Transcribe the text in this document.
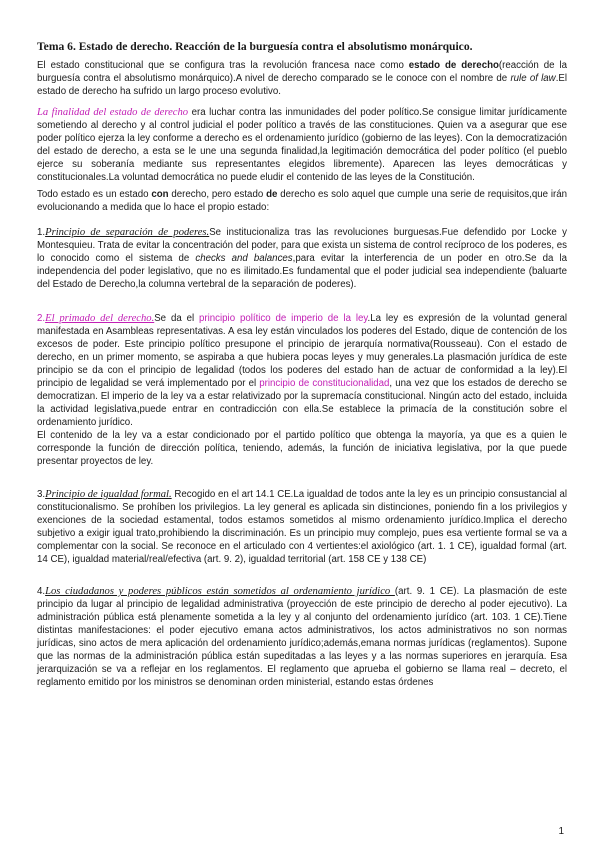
Tema 6. Estado de derecho. Reacción de la burguesía contra el absolutismo monárquico.

El estado constitucional que se configura tras la revolución francesa nace como estado de derecho(reacción de la burguesía contra el absolutismo monárquico).A nivel de derecho comparado se le conoce con el nombre de rule of law.El estado de derecho ha sufrido un largo proceso evolutivo.

La finalidad del estado de derecho era luchar contra las inmunidades del poder político.Se consigue limitar jurídicamente sometiendo al derecho y al control judicial el poder político a través de las constituciones. Quien va a asegurar que ese poder político ejerza la ley conforme a derecho es el ordenamiento jurídico (gobierno de las leyes). Con la democratización del estado de derecho, a esta se le une una segunda finalidad,la legitimación democrática del poder político (el pueblo ejerce su soberanía mediante sus representantes elegidos libremente). Aparecen las leyes democráticas y constitucionales.La voluntad democrática no puede eludir el contenido de las leyes de la Constitución.

Todo estado es un estado con derecho, pero estado de derecho es solo aquel que cumple una serie de requisitos,que irán evolucionando a medida que lo hace el propio estado:

1.Principio de separación de poderes.Se institucionaliza tras las revoluciones burguesas.Fue defendido por Locke y Montesquieu. Trata de evitar la concentración del poder, para que exista un sistema de control recíproco de los poderes, es lo conocido como el sistema de checks and balances,para evitar la interferencia de un poder en otro.Se da la independencia del poder legislativo, que no es ilimitado.Es fundamental que el poder judicial sea independiente (baluarte del Estado de Derecho,la columna vertebral de la separación de poderes).

2.El primado del derecho.Se da el principio político de imperio de la ley.La ley es expresión de la voluntad general manifestada en Asambleas representativas. A esa ley están vinculados los poderes del Estado, dique de contención de los excesos de poder. Este principio político presupone el principio de jerarquía normativa(Rousseau). Con el estado de derecho, en un primer momento, se aspiraba a que hubiera pocas leyes y muy generales.La plasmación jurídica de este principio se da con el principio de legalidad (todos los poderes del estado han de actuar de conformidad a la ley).El principio de legalidad se verá implementado por el principio de constitucionalidad, una vez que los estados de derecho se democratizan. El imperio de la ley va a estar relativizado por la supremacía constitucional. Ningún acto del estado, incluida la actividad legislativa,puede entrar en contradicción con ella.Se establece la primacía de la constitución sobre el ordenamiento jurídico.

El contenido de la ley va a estar condicionado por el partido político que obtenga la mayoría, ya que es a quien le corresponde la función de dirección política, teniendo, además, la función de iniciativa legislativa, por la que puede presentar proyectos de ley.

3.Principio de igualdad formal. Recogido en el art 14.1 CE.La igualdad de todos ante la ley es un principio consustancial al constitucionalismo. Se prohíben los privilegios. La ley general es aplicada sin distinciones, poniendo fin a los privilegios y exenciones de la sociedad estamental, todos estamos sometidos al mismo ordenamiento jurídico.Implica el derecho subjetivo a exigir igual trato,prohibiendo la discriminación. Es un principio muy complejo, pues esa vertiente formal se va a complementar con la social. Se reconoce en el articulado con 4 vertientes:el axiológico (art. 1. 1 CE), igualdad formal (art. 14 CE), igualdad material/real/efectiva (art. 9. 2), igualdad territorial (art. 158 CE y 138 CE)

4.Los ciudadanos y poderes públicos están sometidos al ordenamiento jurídico (art. 9. 1 CE). La plasmación de este principio da lugar al principio de legalidad administrativa (proyección de este principio de derecho al poder ejecutivo). La administración pública está plenamente sometida a la ley y al conjunto del ordenamiento jurídico (art. 103. 1 CE).Tiene distintas manifestaciones: el poder ejecutivo emana actos administrativos, los actos administrativos no son normas jurídicas, sino actos de mera aplicación del ordenamiento jurídico;además,emana normas jurídicas (reglamentos). Supone que las normas de la administración pública están supeditadas a las leyes y a las normas superiores en jerarquía. Esa jerarquización se va a reflejar en los reglamentos. El reglamento que aprueba el gobierno se llama real – decreto, el reglamento emitido por los ministros se denominan orden ministerial, estando estas órdenes

1
